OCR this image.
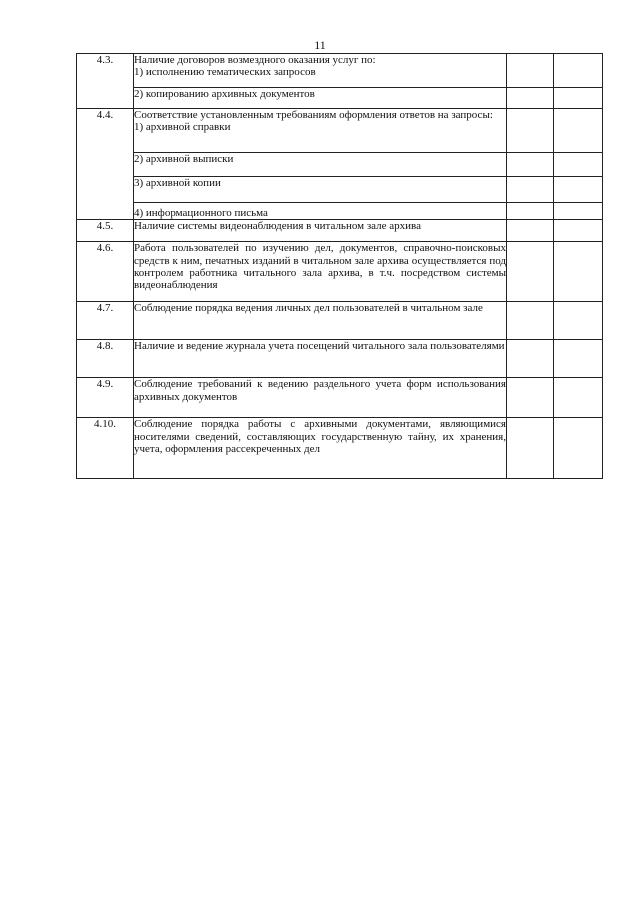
11
4.3.	Наличие договоров возмездного оказания услуг по:
1) исполнению тематических запросов		

	2) копированию архивных документов		

4.4.	Соответствие установленным требованиям оформления ответов на запросы:
1) архивной справки		

	2) архивной выписки		

	3) архивной копии		

	4) информационного письма		

4.5.	Наличие системы видеонаблюдения в читальном зале архива		

4.6.	Работа пользователей по изучению дел, документов, справочно-поисковых средств к ним, печатных изданий в читальном зале архива осуществляется под контролем работника читального зала архива, в т.ч. посредством системы видеонаблюдения		

4.7.	Соблюдение порядка ведения личных дел пользователей в читальном зале		

4.8.	Наличие и ведение журнала учета посещений читального зала пользователями		

4.9.	Соблюдение требований к ведению раздельного учета форм использования архивных документов		

4.10.	Соблюдение порядка работы с архивными документами, являющимися носителями сведений, составляющих государственную тайну, их хранения, учета, оформления рассекреченных дел		
